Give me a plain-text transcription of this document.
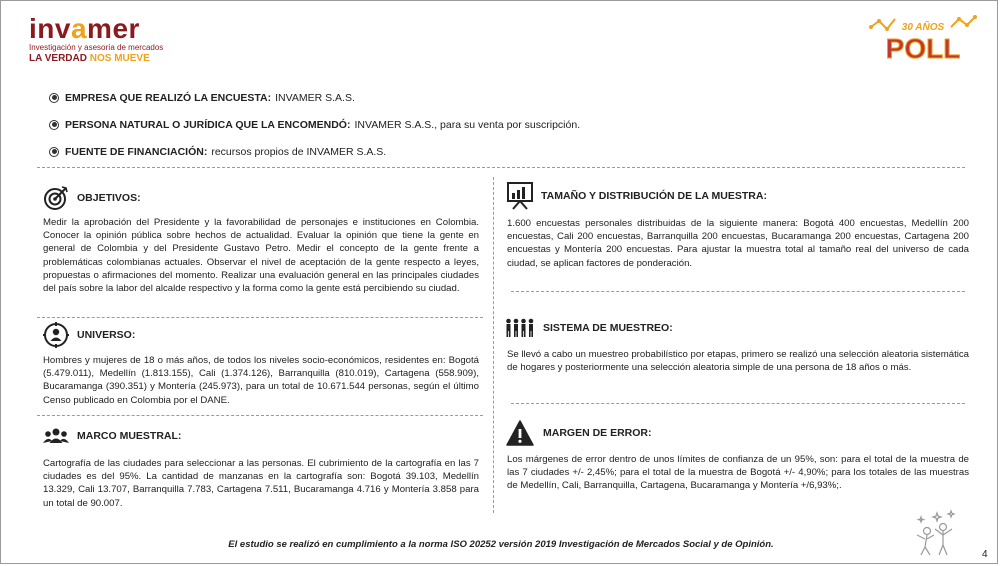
invamer
Investigación y asesoría de mercados
LA VERDAD NOS MUEVE
30 AÑOS
POLL
EMPRESA QUE REALIZÓ LA ENCUESTA: INVAMER S.A.S.
PERSONA NATURAL O JURÍDICA QUE LA ENCOMENDÓ: INVAMER S.A.S., para su venta por suscripción.
FUENTE DE FINANCIACIÓN: recursos propios de INVAMER S.A.S.
OBJETIVOS:
Medir la aprobación del Presidente y la favorabilidad de personajes e instituciones en Colombia. Conocer la opinión pública sobre hechos de actualidad. Evaluar la opinión que tiene la gente en general de Colombia y del Presidente Gustavo Petro. Medir el concepto de la gente frente a problemáticas colombianas actuales. Observar el nivel de aceptación de la gente respecto a leyes, propuestas o afirmaciones del momento. Realizar una evaluación general en las principales ciudades del país sobre la labor del alcalde respectivo y la forma como la gente está percibiendo su ciudad.
UNIVERSO:
Hombres y mujeres de 18 o más años, de todos los niveles socio-económicos, residentes en: Bogotá (5.479.011), Medellín (1.813.155), Cali (1.374.126), Barranquilla (810.019), Cartagena (558.909), Bucaramanga (390.351) y Montería (245.973), para un total de 10.671.544 personas, según el último Censo publicado en Colombia por el DANE.
MARCO MUESTRAL:
Cartografía de las ciudades para seleccionar a las personas. El cubrimiento de la cartografía en las 7 ciudades es del 95%. La cantidad de manzanas en la cartografía son: Bogotá 39.103, Medellín 13.329, Cali 13.707, Barranquilla 7.783, Cartagena 7.511, Bucaramanga 4.716 y Montería 3.858 para un total de 90.007.
TAMAÑO Y DISTRIBUCIÓN DE LA MUESTRA:
1.600 encuestas personales distribuidas de la siguiente manera: Bogotá 400 encuestas, Medellín 200 encuestas, Cali 200 encuestas, Barranquilla 200 encuestas, Bucaramanga 200 encuestas, Cartagena 200 encuestas y Montería 200 encuestas. Para ajustar la muestra total al tamaño real del universo de cada ciudad, se aplican factores de ponderación.
SISTEMA DE MUESTREO:
Se llevó a cabo un muestreo probabilístico por etapas, primero se realizó una selección aleatoria sistemática de hogares y posteriormente una selección aleatoria simple de una persona de 18 años o más.
MARGEN DE ERROR:
Los márgenes de error dentro de unos límites de confianza de un 95%, son: para el total de la muestra de las 7 ciudades +/- 2,45%; para el total de la muestra de Bogotá +/- 4,90%; para los totales de las muestras de Medellín, Cali, Barranquilla, Cartagena, Bucaramanga y Montería +/6,93%;.
El estudio se realizó en cumplimiento a la norma ISO 20252 versión 2019 Investigación de Mercados Social y de Opinión.
4
